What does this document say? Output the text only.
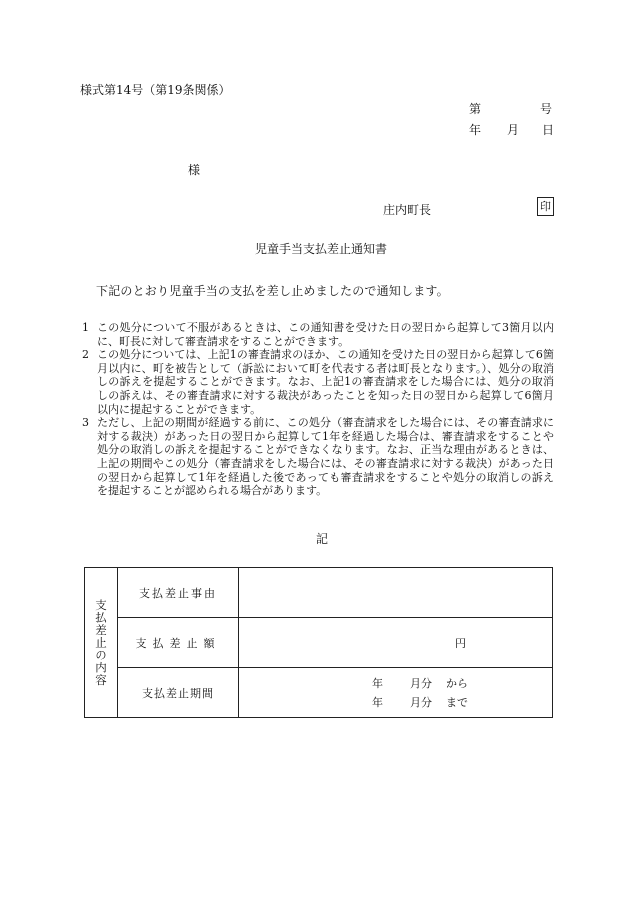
様式第14号（第19条関係）
第	号
年 月 日
様
庄内町長	印
児童手当支払差止通知書
下記のとおり児童手当の支払を差し止めましたので通知します。
1 この処分について不服があるときは、この通知書を受けた日の翌日から起算して3箇月以内に、町長に対して審査請求をすることができます。
2 この処分については、上記1の審査請求のほか、この通知を受けた日の翌日から起算して6箇月以内に、町を被告として（訴訟において町を代表する者は町長となります。）、処分の取消しの訴えを提起することができます。なお、上記1の審査請求をした場合には、処分の取消しの訴えは、その審査請求に対する裁決があったことを知った日の翌日から起算して6箇月以内に提起することができます。
3 ただし、上記の期間が経過する前に、この処分（審査請求をした場合には、その審査請求に対する裁決）があった日の翌日から起算して1年を経過した場合は、審査請求をすることや処分の取消しの訴えを提起することができなくなります。なお、正当な理由があるときは、上記の期間やこの処分（審査請求をした場合には、その審査請求に対する裁決）があった日の翌日から起算して1年を経過した後であっても審査請求をすることや処分の取消しの訴えを提起することが認められる場合があります。
記
支払差止の内容	支払差止事由	
	支払差止額	円

	支払差止期間	年 月分 から
年 月分 まで
